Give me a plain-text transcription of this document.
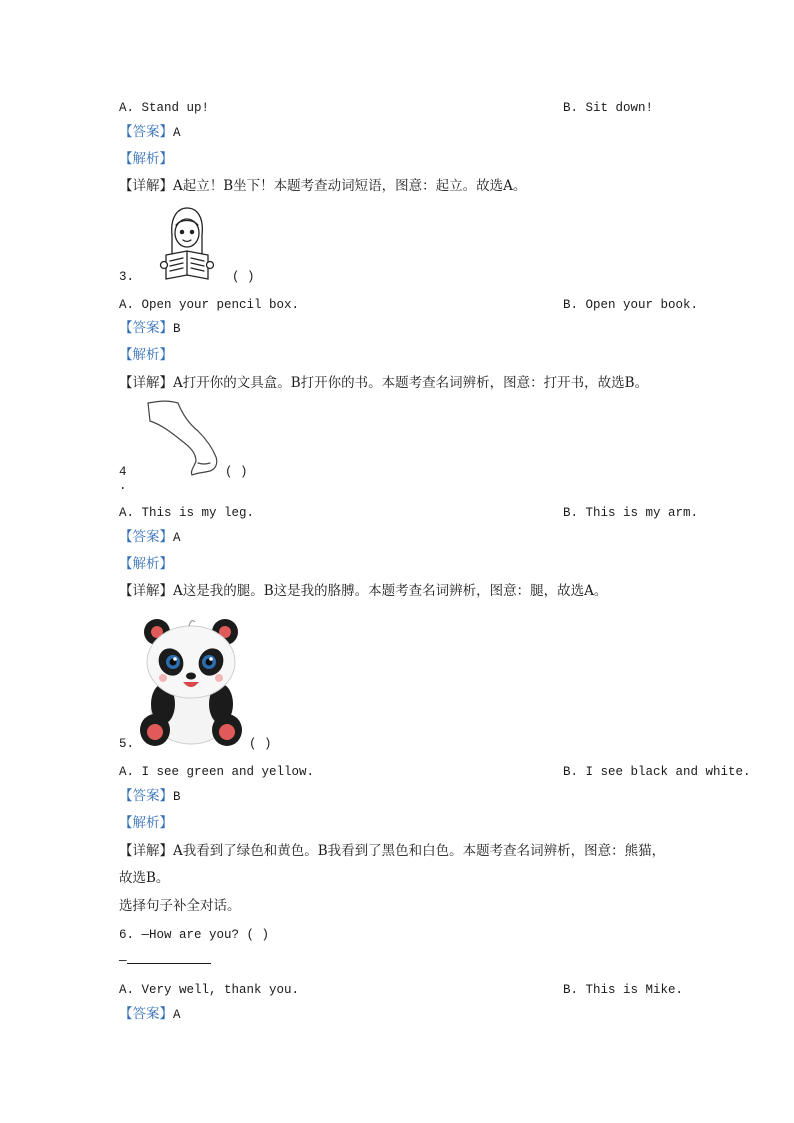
A. Stand up!	B. Sit down!
【答案】A
【解析】
【详解】A起立！B坐下！本题考查动词短语，图意：起立。故选A。
3.	( )
A. Open your pencil box.	B. Open your book.
【答案】B
【解析】
【详解】A打开你的文具盒。B打开你的书。本题考查名词辨析，图意：打开书，故选B。
4	( )
.
A. This is my leg.	B. This is my arm.
【答案】A
【解析】
【详解】A这是我的腿。B这是我的胳膊。本题考查名词辨析，图意：腿，故选A。
5.	( )
A. I see green and yellow.	B. I see black and white.
【答案】B
【解析】
【详解】A我看到了绿色和黄色。B我看到了黑色和白色。本题考查名词辨析，图意：熊猫，
故选B。
选择句子补全对话。
6. —How are you? ( )
—
A. Very well, thank you.	B. This is Mike.
【答案】A
